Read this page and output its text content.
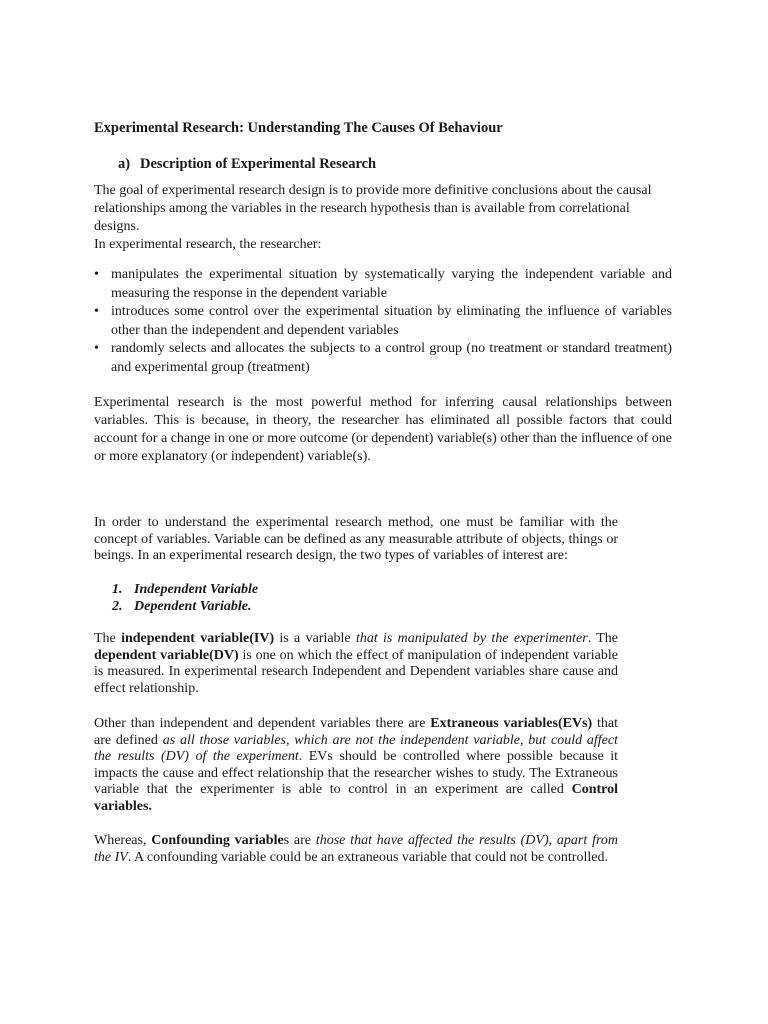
Experimental Research: Understanding The Causes Of Behaviour
a) Description of Experimental Research

The goal of experimental research design is to provide more definitive conclusions about the causal relationships among the variables in the research hypothesis than is available from correlational designs.
In experimental research, the researcher:

• manipulates the experimental situation by systematically varying the independent variable and measuring the response in the dependent variable
• introduces some control over the experimental situation by eliminating the influence of variables other than the independent and dependent variables
• randomly selects and allocates the subjects to a control group (no treatment or standard treatment) and experimental group (treatment)

Experimental research is the most powerful method for inferring causal relationships between variables. This is because, in theory, the researcher has eliminated all possible factors that could account for a change in one or more outcome (or dependent) variable(s) other than the influence of one or more explanatory (or independent) variable(s).

In order to understand the experimental research method, one must be familiar with the concept of variables. Variable can be defined as any measurable attribute of objects, things or beings. In an experimental research design, the two types of variables of interest are:

1. Independent Variable
2. Dependent Variable.

The independent variable(IV) is a variable that is manipulated by the experimenter. The dependent variable(DV) is one on which the effect of manipulation of independent variable is measured. In experimental research Independent and Dependent variables share cause and effect relationship.

Other than independent and dependent variables there are Extraneous variables(EVs) that are defined as all those variables, which are not the independent variable, but could affect the results (DV) of the experiment. EVs should be controlled where possible because it impacts the cause and effect relationship that the researcher wishes to study. The Extraneous variable that the experimenter is able to control in an experiment are called Control variables.

Whereas, Confounding variables are those that have affected the results (DV), apart from the IV. A confounding variable could be an extraneous variable that could not be controlled.
